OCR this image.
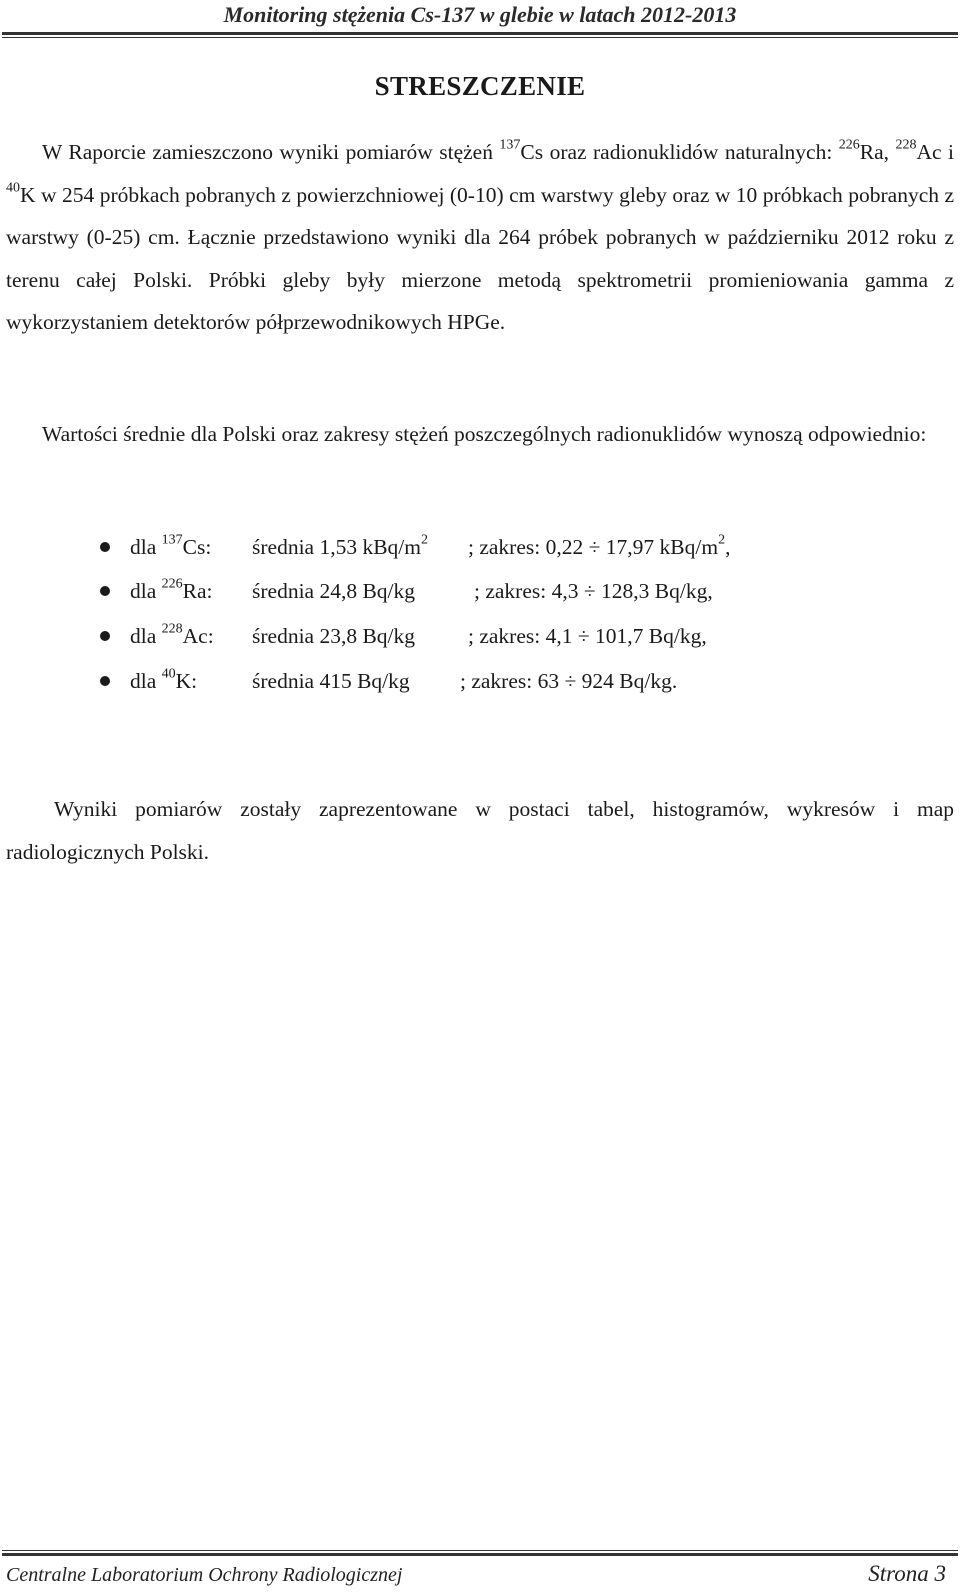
Monitoring stężenia Cs-137 w glebie w latach 2012-2013
STRESZCZENIE
W Raporcie zamieszczono wyniki pomiarów stężeń $^{137}$Cs oraz radionuklidów naturalnych: $^{226}$Ra, $^{228}$Ac i $^{40}$K w 254 próbkach pobranych z powierzchniowej (0-10) cm warstwy gleby oraz w 10 próbkach pobranych z warstwy (0-25) cm. Łącznie przedstawiono wyniki dla 264 próbek pobranych w październiku 2012 roku z terenu całej Polski. Próbki gleby były mierzone metodą spektrometrii promieniowania gamma z wykorzystaniem detektorów półprzewodnikowych HPGe.
Wartości średnie dla Polski oraz zakresy stężeń poszczególnych radionuklidów wynoszą odpowiednio:
dla $^{137}$Cs: średnia 1,53 kBq/$m^2$ ; zakres: 0,22 ÷ 17,97 kBq/$m^2$,
dla $^{226}$Ra: średnia 24,8 Bq/kg	; zakres: 4,3 ÷ 128,3 Bq/kg,
dla $^{228}$Ac: średnia 23,8 Bq/kg ; zakres: 4,1 ÷ 101,7 Bq/kg,
dla $^{40}$K:	średnia 415 Bq/kg ; zakres: 63 ÷ 924 Bq/kg.
Wyniki pomiarów zostały zaprezentowane w postaci tabel, histogramów, wykresów i map radiologicznych Polski.
Centralne Laboratorium Ochrony Radiologicznej	Strona 3
